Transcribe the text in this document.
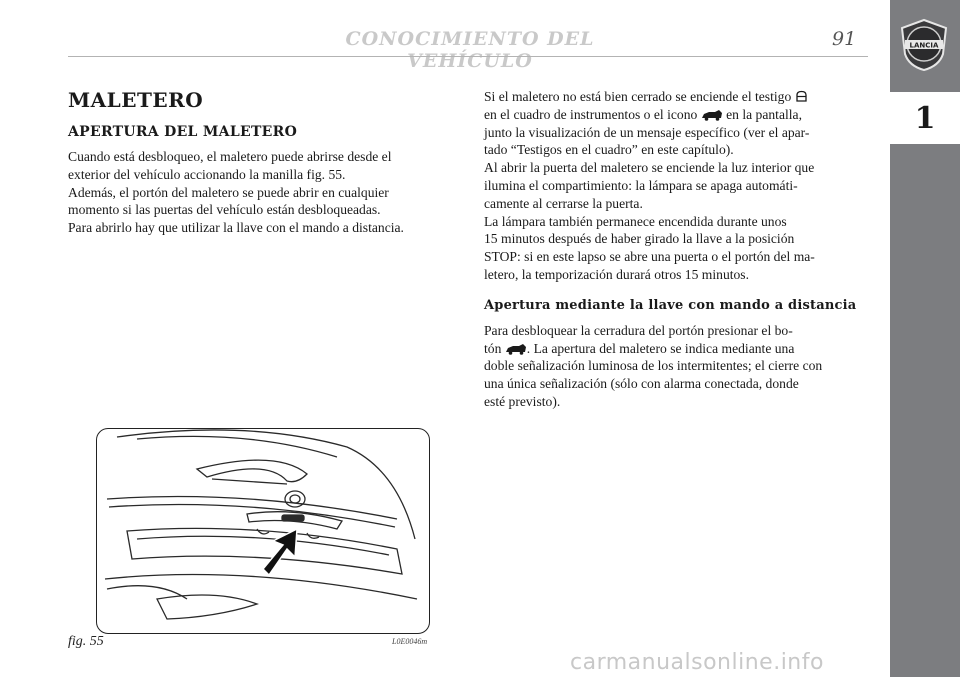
CONOCIMIENTO DEL VEHÍCULO
91	LANCIA
1
MALETERO
APERTURA DEL MALETERO

Cuando está desbloqueo, el maletero puede abrirse desde el

exterior del vehículo accionando la manilla fig. 55.

Además, el portón del maletero se puede abrir en cualquier

momento si las puertas del vehículo están desbloqueadas.

Para abrirlo hay que utilizar la llave con el mando a distancia.

Si el maletero no está bien cerrado se enciende el testigo

en el cuadro de instrumentos o el icono en la pantalla,

junto la visualización de un mensaje específico (ver el apar-

tado “Testigos en el cuadro” en este capítulo).

Al abrir la puerta del maletero se enciende la luz interior que

ilumina el compartimiento: la lámpara se apaga automáti-

camente al cerrarse la puerta.

La lámpara también permanece encendida durante unos

15 minutos después de haber girado la llave a la posición

STOP: si en este lapso se abre una puerta o el portón del ma-

letero, la temporización durará otros 15 minutos.

Apertura mediante la llave con mando a distancia

Para desbloquear la cerradura del portón presionar el bo-

tón . La apertura del maletero se indica mediante una

doble señalización luminosa de los intermitentes; el cierre con

una única señalización (sólo con alarma conectada, donde

esté previsto).

fig. 55	L0E0046m
carmanualsonline.info
